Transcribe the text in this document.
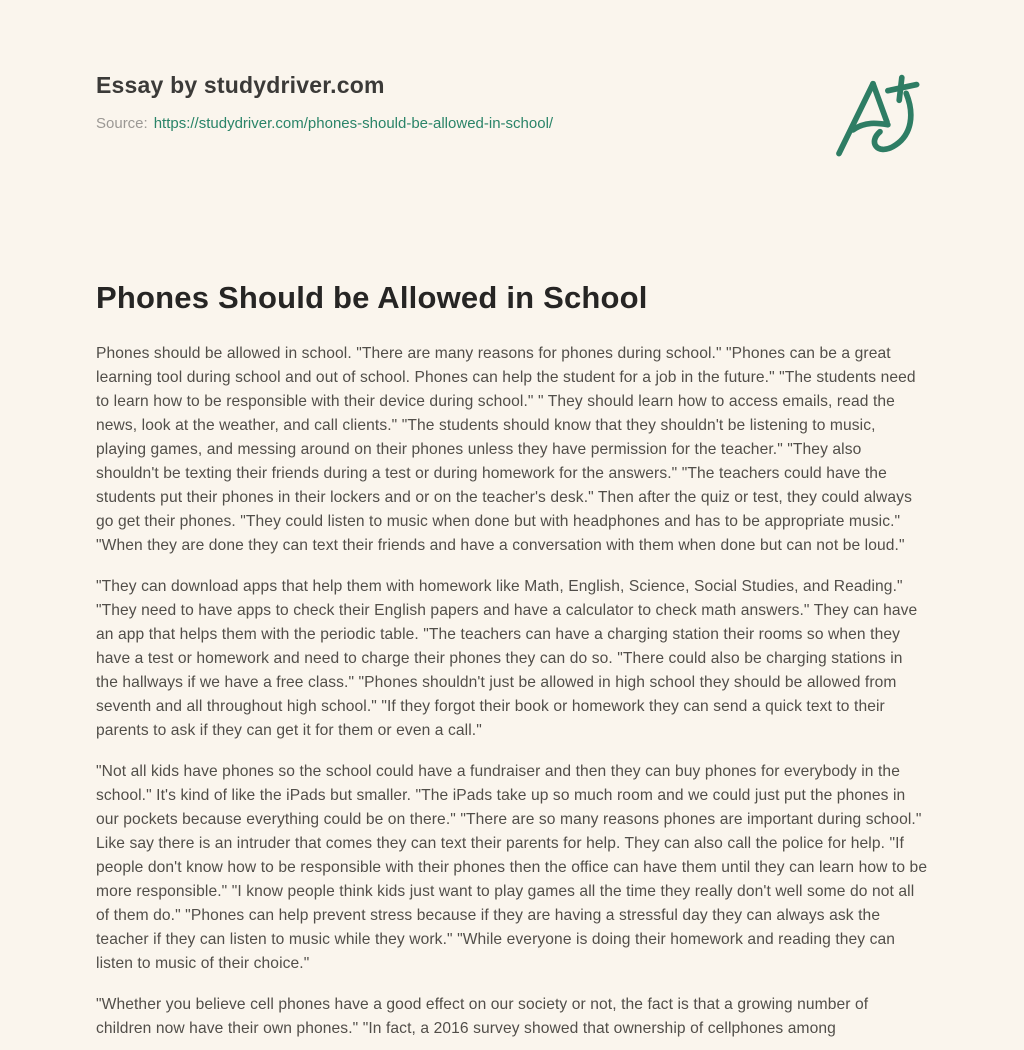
Essay by studydriver.com
Source: https://studydriver.com/phones-should-be-allowed-in-school/
Phones Should be Allowed in School

Phones should be allowed in school. "There are many reasons for phones during school." "Phones can be a great learning tool during school and out of school. Phones can help the student for a job in the future." "The students need to learn how to be responsible with their device during school." " They should learn how to access emails, read the news, look at the weather, and call clients." "The students should know that they shouldn't be listening to music, playing games, and messing around on their phones unless they have permission for the teacher." "They also shouldn't be texting their friends during a test or during homework for the answers." "The teachers could have the students put their phones in their lockers and or on the teacher's desk." Then after the quiz or test, they could always go get their phones. "They could listen to music when done but with headphones and has to be appropriate music." "When they are done they can text their friends and have a conversation with them when done but can not be loud."

"They can download apps that help them with homework like Math, English, Science, Social Studies, and Reading." "They need to have apps to check their English papers and have a calculator to check math answers." They can have an app that helps them with the periodic table. "The teachers can have a charging station their rooms so when they have a test or homework and need to charge their phones they can do so. "There could also be charging stations in the hallways if we have a free class." "Phones shouldn't just be allowed in high school they should be allowed from seventh and all throughout high school." "If they forgot their book or homework they can send a quick text to their parents to ask if they can get it for them or even a call."

"Not all kids have phones so the school could have a fundraiser and then they can buy phones for everybody in the school." It's kind of like the iPads but smaller. "The iPads take up so much room and we could just put the phones in our pockets because everything could be on there." "There are so many reasons phones are important during school." Like say there is an intruder that comes they can text their parents for help. They can also call the police for help. "If people don't know how to be responsible with their phones then the office can have them until they can learn how to be more responsible." "I know people think kids just want to play games all the time they really don't well some do not all of them do." "Phones can help prevent stress because if they are having a stressful day they can always ask the teacher if they can listen to music while they work." "While everyone is doing their homework and reading they can listen to music of their choice."

"Whether you believe cell phones have a good effect on our society or not, the fact is that a growing number of children now have their own phones." "In fact, a 2016 survey showed that ownership of cellphones among
